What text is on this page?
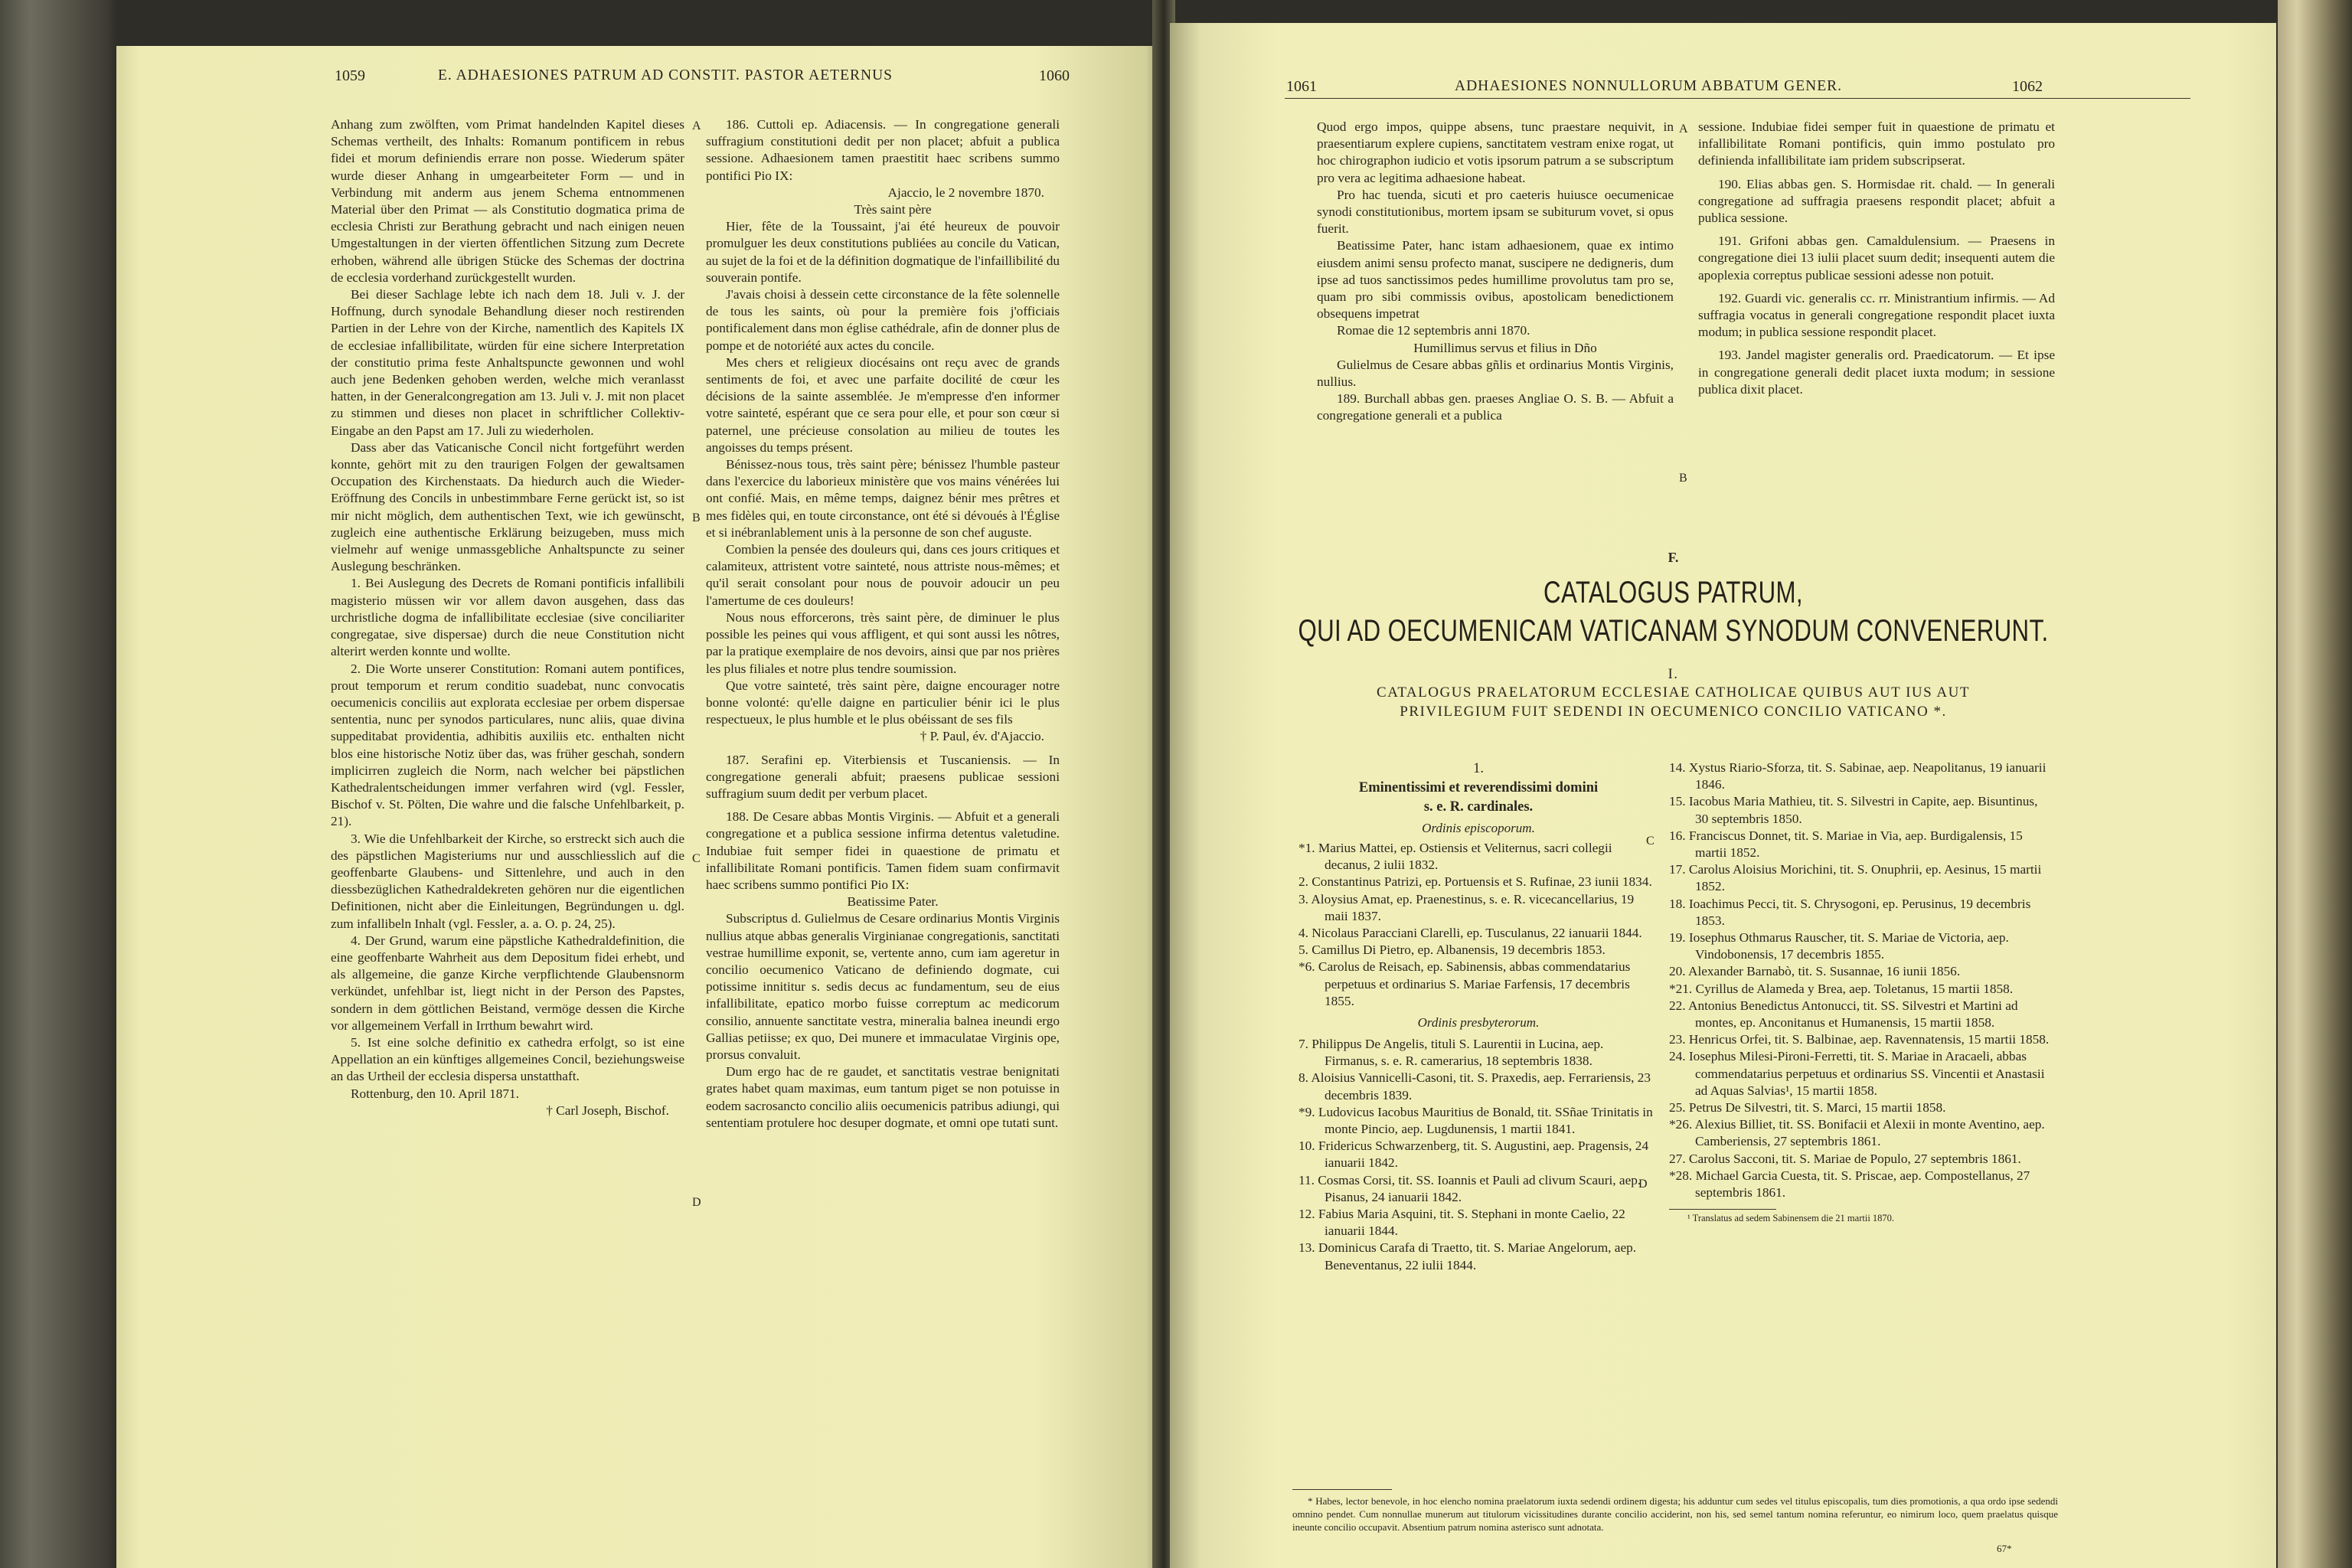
1059	E. ADHAESIONES PATRUM AD CONSTIT. PASTOR AETERNUS	1060

Anhang zum zwölften, vom Primat handelnden Kapitel dieses Schemas vertheilt, des Inhalts: Romanum pontificem in rebus fidei et morum definiendis errare non posse. Wiederum später wurde dieser Anhang in umgearbeiteter Form — und in Verbindung mit anderm aus jenem Schema entnommenen Material über den Primat — als Constitutio dogmatica prima de ecclesia Christi zur Berathung gebracht und nach einigen neuen Umgestaltungen in der vierten öffentlichen Sitzung zum Decrete erhoben, während alle übrigen Stücke des Schemas der doctrina de ecclesia vorderhand zurückgestellt wurden.

Bei dieser Sachlage lebte ich nach dem 18. Juli v. J. der Hoffnung, durch synodale Behandlung dieser noch restirenden Partien in der Lehre von der Kirche, namentlich des Kapitels IX de ecclesiae infallibilitate, würden für eine sichere Interpretation der constitutio prima feste Anhaltspuncte gewonnen und wohl auch jene Bedenken gehoben werden, welche mich veranlasst hatten, in der Generalcongregation am 13. Juli v. J. mit non placet zu stimmen und dieses non placet in schriftlicher Collektiv-Eingabe an den Papst am 17. Juli zu wiederholen.

Dass aber das Vaticanische Concil nicht fortgeführt werden konnte, gehört mit zu den traurigen Folgen der gewaltsamen Occupation des Kirchenstaats. Da hiedurch auch die Wieder-Eröffnung des Concils in unbestimmbare Ferne gerückt ist, so ist mir nicht möglich, dem authentischen Text, wie ich gewünscht, zugleich eine authentische Erklärung beizugeben, muss mich vielmehr auf wenige unmassgebliche Anhaltspuncte zu seiner Auslegung beschränken.

1. Bei Auslegung des Decrets de Romani pontificis infallibili magisterio müssen wir vor allem davon ausgehen, dass das urchristliche dogma de infallibilitate ecclesiae (sive conciliariter congregatae, sive dispersae) durch die neue Constitution nicht alterirt werden konnte und wollte.

2. Die Worte unserer Constitution: Romani autem pontifices, prout temporum et rerum conditio suadebat, nunc convocatis oecumenicis conciliis aut explorata ecclesiae per orbem dispersae sententia, nunc per synodos particulares, nunc aliis, quae divina suppeditabat providentia, adhibitis auxiliis etc. enthalten nicht blos eine historische Notiz über das, was früher geschah, sondern implicirren zugleich die Norm, nach welcher bei päpstlichen Kathedralentscheidungen immer verfahren wird (vgl. Fessler, Bischof v. St. Pölten, Die wahre und die falsche Unfehlbarkeit, p. 21).

3. Wie die Unfehlbarkeit der Kirche, so erstreckt sich auch die des päpstlichen Magisteriums nur und ausschliesslich auf die geoffenbarte Glaubens- und Sittenlehre, und auch in den diessbezüglichen Kathedraldekreten gehören nur die eigentlichen Definitionen, nicht aber die Einleitungen, Begründungen u. dgl. zum infallibeln Inhalt (vgl. Fessler, a. a. O. p. 24, 25).

4. Der Grund, warum eine päpstliche Kathedraldefinition, die eine geoffenbarte Wahrheit aus dem Depositum fidei erhebt, und als allgemeine, die ganze Kirche verpflichtende Glaubensnorm verkündet, unfehlbar ist, liegt nicht in der Person des Papstes, sondern in dem göttlichen Beistand, vermöge dessen die Kirche vor allgemeinem Verfall in Irrthum bewahrt wird.

5. Ist eine solche definitio ex cathedra erfolgt, so ist eine Appellation an ein künftiges allgemeines Concil, beziehungsweise an das Urtheil der ecclesia dispersa unstatthaft.

Rottenburg, den 10. April 1871.

† Carl Joseph, Bischof.

A
B
C
D

186. Cuttoli ep. Adiacensis. — In congregatione generali suffragium constitutioni dedit per non placet; abfuit a publica sessione. Adhaesionem tamen praestitit haec scribens summo pontifici Pio IX:

Ajaccio, le 2 novembre 1870.

Très saint père

Hier, fête de la Toussaint, j'ai été heureux de pouvoir promulguer les deux constitutions publiées au concile du Vatican, au sujet de la foi et de la définition dogmatique de l'infaillibilité du souverain pontife.

J'avais choisi à dessein cette circonstance de la fête solennelle de tous les saints, où pour la première fois j'officiais pontificalement dans mon église cathédrale, afin de donner plus de pompe et de notoriété aux actes du concile.

Mes chers et religieux diocésains ont reçu avec de grands sentiments de foi, et avec une parfaite docilité de cœur les décisions de la sainte assemblée. Je m'empresse d'en informer votre sainteté, espérant que ce sera pour elle, et pour son cœur si paternel, une précieuse consolation au milieu de toutes les angoisses du temps présent.

Bénissez-nous tous, très saint père; bénissez l'humble pasteur dans l'exercice du laborieux ministère que vos mains vénérées lui ont confié. Mais, en même temps, daignez bénir mes prêtres et mes fidèles qui, en toute circonstance, ont été si dévoués à l'Église et si inébranlablement unis à la personne de son chef auguste.

Combien la pensée des douleurs qui, dans ces jours critiques et calamiteux, attristent votre sainteté, nous attriste nous-mêmes; et qu'il serait consolant pour nous de pouvoir adoucir un peu l'amertume de ces douleurs!

Nous nous efforcerons, très saint père, de diminuer le plus possible les peines qui vous affligent, et qui sont aussi les nôtres, par la pratique exemplaire de nos devoirs, ainsi que par nos prières les plus filiales et notre plus tendre soumission.

Que votre sainteté, très saint père, daigne encourager notre bonne volonté: qu'elle daigne en particulier bénir ici le plus respectueux, le plus humble et le plus obéissant de ses fils

† P. Paul, év. d'Ajaccio.

187. Serafini ep. Viterbiensis et Tuscaniensis. — In congregatione generali abfuit; praesens publicae sessioni suffragium suum dedit per verbum placet.

188. De Cesare abbas Montis Virginis. — Abfuit et a generali congregatione et a publica sessione infirma detentus valetudine. Indubiae fuit semper fidei in quaestione de primatu et infallibilitate Romani pontificis. Tamen fidem suam confirmavit haec scribens summo pontifici Pio IX:

Beatissime Pater.

Subscriptus d. Gulielmus de Cesare ordinarius Montis Virginis nullius atque abbas generalis Virginianae congregationis, sanctitati vestrae humillime exponit, se, vertente anno, cum iam ageretur in concilio oecumenico Vaticano de definiendo dogmate, cui potissime innititur s. sedis decus ac fundamentum, seu de eius infallibilitate, epatico morbo fuisse correptum ac medicorum consilio, annuente sanctitate vestra, mineralia balnea ineundi ergo Gallias petiisse; ex quo, Dei munere et immaculatae Virginis ope, prorsus convaluit.

Dum ergo hac de re gaudet, et sanctitatis vestrae benignitati grates habet quam maximas, eum tantum piget se non potuisse in eodem sacrosancto concilio aliis oecumenicis patribus adiungi, qui sententiam protulere hoc desuper dogmate, et omni ope tutati sunt.

1061	ADHAESIONES NONNULLORUM ABBATUM GENER.	1062

Quod ergo impos, quippe absens, tunc praestare nequivit, in praesentiarum explere cupiens, sanctitatem vestram enixe rogat, ut hoc chirographon iudicio et votis ipsorum patrum a se subscriptum pro vera ac legitima adhaesione habeat.

Pro hac tuenda, sicuti et pro caeteris huiusce oecumenicae synodi constitutionibus, mortem ipsam se subiturum vovet, si opus fuerit.

Beatissime Pater, hanc istam adhaesionem, quae ex intimo eiusdem animi sensu profecto manat, suscipere ne dedigneris, dum ipse ad tuos sanctissimos pedes humillime provolutus tam pro se, quam pro sibi commissis ovibus, apostolicam benedictionem obsequens impetrat

Romae die 12 septembris anni 1870.

Humillimus servus et filius in Dño

Gulielmus de Cesare abbas gñlis et ordinarius Montis Virginis, nullius.

189. Burchall abbas gen. praeses Angliae O. S. B. — Abfuit a congregatione generali et a publica

A
B

sessione. Indubiae fidei semper fuit in quaestione de primatu et infallibilitate Romani pontificis, quin immo postulato pro definienda infallibilitate iam pridem subscripserat.

190. Elias abbas gen. S. Hormisdae rit. chald. — In generali congregatione ad suffragia praesens respondit placet; abfuit a publica sessione.

191. Grifoni abbas gen. Camaldulensium. — Praesens in congregatione diei 13 iulii placet suum dedit; insequenti autem die apoplexia correptus publicae sessioni adesse non potuit.

192. Guardi vic. generalis cc. rr. Ministrantium infirmis. — Ad suffragia vocatus in generali congregatione respondit placet iuxta modum; in publica sessione respondit placet.

193. Jandel magister generalis ord. Praedicatorum. — Et ipse in congregatione generali dedit placet iuxta modum; in sessione publica dixit placet.

F.
CATALOGUS PATRUM,
QUI AD OECUMENICAM VATICANAM SYNODUM CONVENERUNT.
I.
CATALOGUS PRAELATORUM ECCLESIAE CATHOLICAE QUIBUS AUT IUS AUT
PRIVILEGIUM FUIT SEDENDI IN OECUMENICO CONCILIO VATICANO *.
1.
Eminentissimi et reverendissimi domini
s. e. R. cardinales.
Ordinis episcoporum.

*1. Marius Mattei, ep. Ostiensis et Veliternus, sacri collegii decanus, 2 iulii 1832.

2. Constantinus Patrizi, ep. Portuensis et S. Rufinae, 23 iunii 1834.

3. Aloysius Amat, ep. Praenestinus, s. e. R. vicecancellarius, 19 maii 1837.

4. Nicolaus Paracciani Clarelli, ep. Tusculanus, 22 ianuarii 1844.

5. Camillus Di Pietro, ep. Albanensis, 19 decembris 1853.

*6. Carolus de Reisach, ep. Sabinensis, abbas commendatarius perpetuus et ordinarius S. Mariae Farfensis, 17 decembris 1855.

Ordinis presbyterorum.

7. Philippus De Angelis, tituli S. Laurentii in Lucina, aep. Firmanus, s. e. R. camerarius, 18 septembris 1838.

8. Aloisius Vannicelli-Casoni, tit. S. Praxedis, aep. Ferrariensis, 23 decembris 1839.

*9. Ludovicus Iacobus Mauritius de Bonald, tit. SSñae Trinitatis in monte Pincio, aep. Lugdunensis, 1 martii 1841.

10. Fridericus Schwarzenberg, tit. S. Augustini, aep. Pragensis, 24 ianuarii 1842.

11. Cosmas Corsi, tit. SS. Ioannis et Pauli ad clivum Scauri, aep. Pisanus, 24 ianuarii 1842.

12. Fabius Maria Asquini, tit. S. Stephani in monte Caelio, 22 ianuarii 1844.

13. Dominicus Carafa di Traetto, tit. S. Mariae Angelorum, aep. Beneventanus, 22 iulii 1844.

C
D

14. Xystus Riario-Sforza, tit. S. Sabinae, aep. Neapolitanus, 19 ianuarii 1846.

15. Iacobus Maria Mathieu, tit. S. Silvestri in Capite, aep. Bisuntinus, 30 septembris 1850.

16. Franciscus Donnet, tit. S. Mariae in Via, aep. Burdigalensis, 15 martii 1852.

17. Carolus Aloisius Morichini, tit. S. Onuphrii, ep. Aesinus, 15 martii 1852.

18. Ioachimus Pecci, tit. S. Chrysogoni, ep. Perusinus, 19 decembris 1853.

19. Iosephus Othmarus Rauscher, tit. S. Mariae de Victoria, aep. Vindobonensis, 17 decembris 1855.

20. Alexander Barnabò, tit. S. Susannae, 16 iunii 1856.

*21. Cyrillus de Alameda y Brea, aep. Toletanus, 15 martii 1858.

22. Antonius Benedictus Antonucci, tit. SS. Silvestri et Martini ad montes, ep. Anconitanus et Humanensis, 15 martii 1858.

23. Henricus Orfei, tit. S. Balbinae, aep. Ravennatensis, 15 martii 1858.

24. Iosephus Milesi-Pironi-Ferretti, tit. S. Mariae in Aracaeli, abbas commendatarius perpetuus et ordinarius SS. Vincentii et Anastasii ad Aquas Salvias¹, 15 martii 1858.

25. Petrus De Silvestri, tit. S. Marci, 15 martii 1858.

*26. Alexius Billiet, tit. SS. Bonifacii et Alexii in monte Aventino, aep. Camberiensis, 27 septembris 1861.

27. Carolus Sacconi, tit. S. Mariae de Populo, 27 septembris 1861.

*28. Michael Garcia Cuesta, tit. S. Priscae, aep. Compostellanus, 27 septembris 1861.

¹ Translatus ad sedem Sabinensem die 21 martii 1870.
* Habes, lector benevole, in hoc elencho nomina praelatorum iuxta sedendi ordinem digesta; his adduntur cum sedes vel titulus episcopalis, tum dies promotionis, a qua ordo ipse sedendi omnino pendet. Cum nonnullae munerum aut titulorum vicissitudines durante concilio acciderint, non his, sed semel tantum nomina referuntur, eo nimirum loco, quem praelatus quisque ineunte concilio occupavit. Absentium patrum nomina asterisco sunt adnotata.
67*
